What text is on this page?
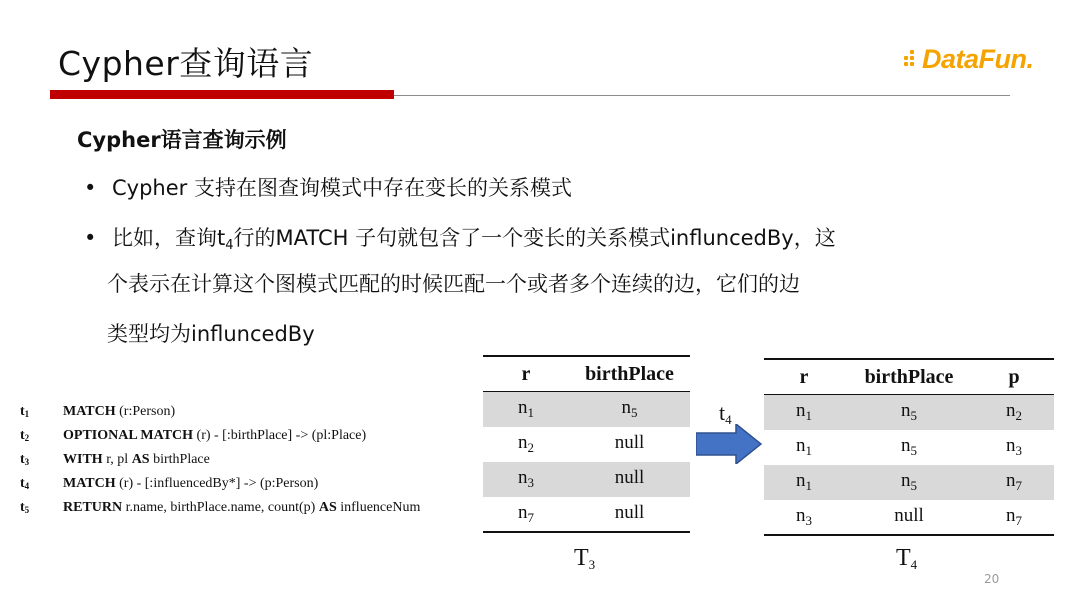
Cypher查询语言	DataFun.
Cypher语言查询示例
• Cypher 支持在图查询模式中存在变长的关系模式
• 比如，查询$t_4$行的MATCH 子句就包含了一个变长的关系模式influncedBy，这
个表示在计算这个图模式匹配的时候匹配一个或者多个连续的边，它们的边
类型均为influncedBy
$t_1$ MATCH (r:Person)
$t_2$ OPTIONAL MATCH (r) - [:birthPlace] -> (pl:Place)
$t_3$ WITH r, pl AS birthPlace
$t_4$ MATCH (r) - [:influencedBy*] -> (p:Person)
$t_5$ RETURN r.name, birthPlace.name, count(p) AS influenceNum
r	birthPlace
$n_1$	$n_5$
$n_2$	null
$n_3$	null
$n_7$	null
$T_3$
$t_4$
r	birthPlace	p
$n_1$	$n_5$	$n_2$
$n_1$	$n_5$	$n_3$
$n_1$	$n_5$	$n_7$
$n_3$	null	$n_7$
$T_4$
20
